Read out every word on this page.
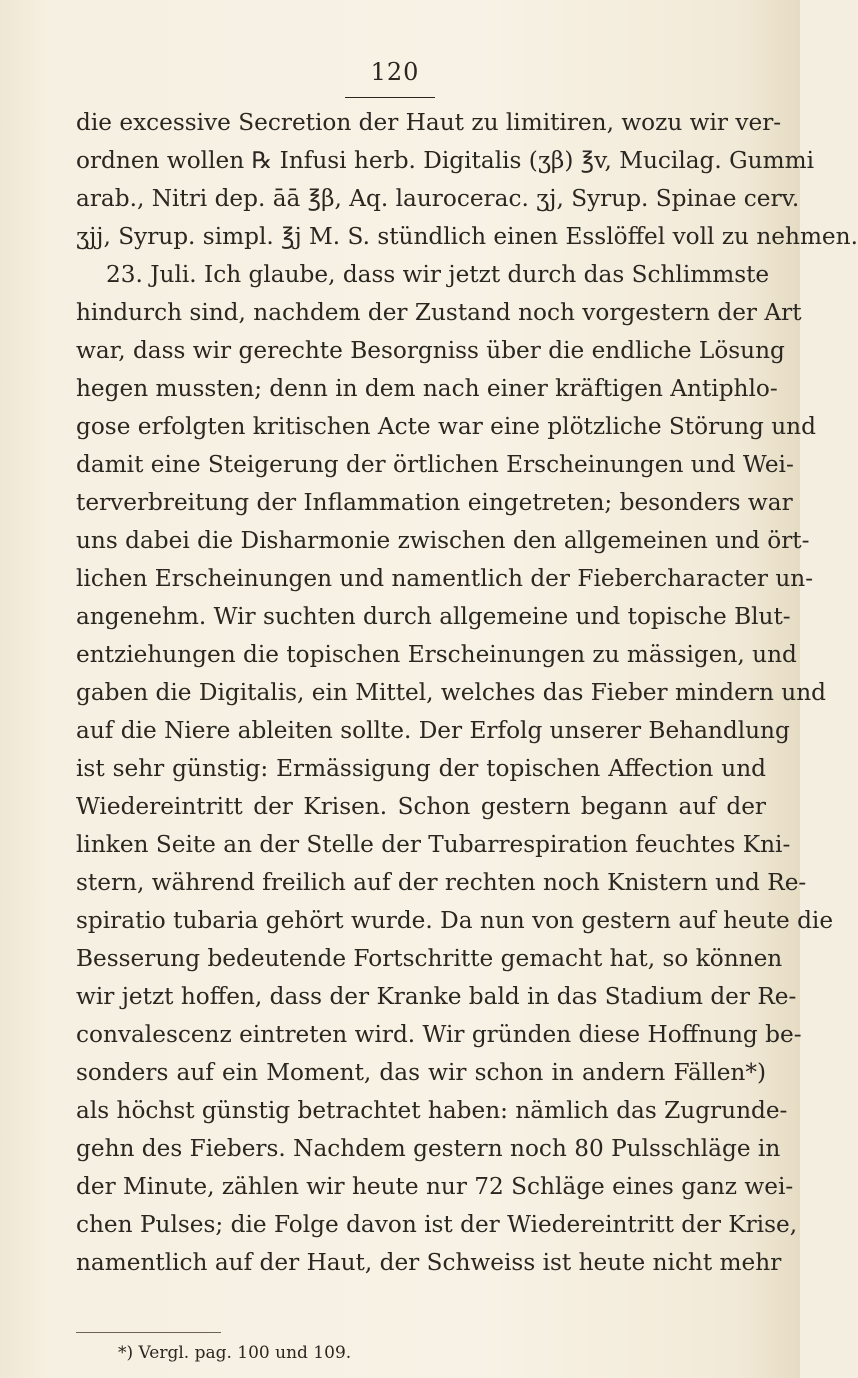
120
die excessive Secretion der Haut zu limitiren, wozu wir ver-
ordnen wollen ℞ Infusi herb. Digitalis (ʒβ) ℥v, Mucilag. Gummi
arab., Nitri dep. āā ℥β, Aq. laurocerас. ʒj, Syrup. Spinae cerv.
ʒjj, Syrup. simpl. ℥j M. S. stündlich einen Esslöffel voll zu nehmen.
23. Juli. Ich glaube, dass wir jetzt durch das Schlimmste
hindurch sind, nachdem der Zustand noch vorgestern der Art
war, dass wir gerechte Besorgniss über die endliche Lösung
hegen mussten; denn in dem nach einer kräftigen Antiphlo-
gose erfolgten kritischen Acte war eine plötzliche Störung und
damit eine Steigerung der örtlichen Erscheinungen und Wei-
terverbreitung der Inflammation eingetreten; besonders war
uns dabei die Disharmonie zwischen den allgemeinen und ört-
lichen Erscheinungen und namentlich der Fiebercharacter un-
angenehm. Wir suchten durch allgemeine und topische Blut-
entziehungen die topischen Erscheinungen zu mässigen, und
gaben die Digitalis, ein Mittel, welches das Fieber mindern und
auf die Niere ableiten sollte. Der Erfolg unserer Behandlung
ist sehr günstig: Ermässigung der topischen Affection und
Wiedereintritt der Krisen. Schon gestern begann auf der
linken Seite an der Stelle der Tubarrespiration feuchtes Kni-
stern, während freilich auf der rechten noch Knistern und Re-
spiratio tubaria gehört wurde. Da nun von gestern auf heute die
Besserung bedeutende Fortschritte gemacht hat, so können
wir jetzt hoffen, dass der Kranke bald in das Stadium der Re-
convalescenz eintreten wird. Wir gründen diese Hoffnung be-
sonders auf ein Moment, das wir schon in andern Fällen*)
als höchst günstig betrachtet haben: nämlich das Zugrunde-
gehn des Fiebers. Nachdem gestern noch 80 Pulsschläge in
der Minute, zählen wir heute nur 72 Schläge eines ganz wei-
chen Pulses; die Folge davon ist der Wiedereintritt der Krise,
namentlich auf der Haut, der Schweiss ist heute nicht mehr
*) Vergl. pag. 100 und 109.
